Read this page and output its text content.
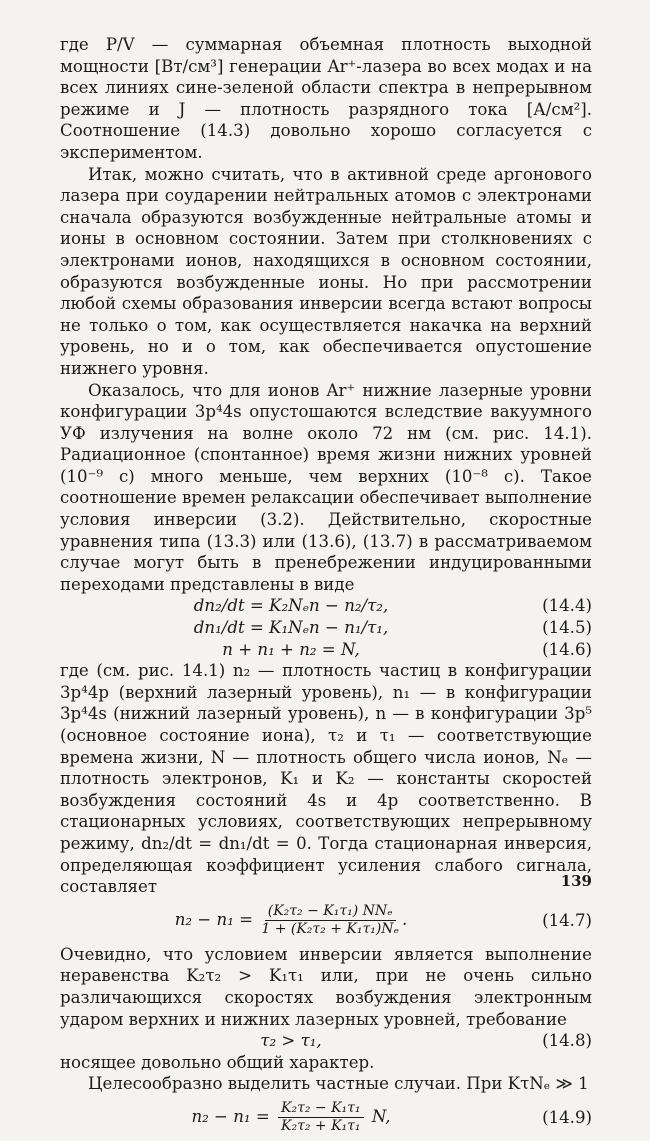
где P/V — суммарная объемная плотность выходной мощности [Вт/см³] генерации Ar⁺-лазера во всех модах и на всех линиях сине-зеленой области спектра в непрерывном режиме и J — плотность разрядного тока [А/см²]. Соотношение (14.3) довольно хорошо согласуется с экспериментом.

Итак, можно считать, что в активной среде аргонового лазера при соударении нейтральных атомов с электронами сначала образуются возбужденные нейтральные атомы и ионы в основном состоянии. Затем при столкновениях с электронами ионов, находящихся в основном состоянии, образуются возбужденные ионы. Но при рассмотрении любой схемы образования инверсии всегда встают вопросы не только о том, как осуществляется накачка на верхний уровень, но и о том, как обеспечивается опустошение нижнего уровня.

Оказалось, что для ионов Ar⁺ нижние лазерные уровни конфигурации 3p⁴4s опустошаются вследствие вакуумного УФ излучения на волне около 72 нм (см. рис. 14.1). Радиационное (спонтанное) время жизни нижних уровней (10⁻⁹ с) много меньше, чем верхних (10⁻⁸ с). Такое соотношение времен релаксации обеспечивает выполнение условия инверсии (3.2). Действительно, скоростные уравнения типа (13.3) или (13.6), (13.7) в рассматриваемом случае могут быть в пренебрежении индуцированными переходами представлены в виде

dn₂/dt = K₂Nₑn − n₂/τ₂,	(14.4)
dn₁/dt = K₁Nₑn − n₁/τ₁,	(14.5)
n + n₁ + n₂ = N,	(14.6)

где (см. рис. 14.1) n₂ — плотность частиц в конфигурации 3p⁴4p (верхний лазерный уровень), n₁ — в конфигурации 3p⁴4s (нижний лазерный уровень), n — в конфигурации 3p⁵ (основное состояние иона), τ₂ и τ₁ — соответствующие времена жизни, N — плотность общего числа ионов, Nₑ — плотность электронов, K₁ и K₂ — константы скоростей возбуждения состояний 4s и 4p соответственно. В стационарных условиях, соответствующих непрерывному режиму, dn₂/dt = dn₁/dt = 0. Тогда стационарная инверсия, определяющая коэффициент усиления слабого сигнала, составляет

$n_2 - n_1 = \frac{\text{(K₂τ₂ − K₁τ₁) NNₑ}}{\text{1 + (K₂τ₂ + K₁τ₁)Nₑ}}$ .	(14.7)

Очевидно, что условием инверсии является выполнение неравенства K₂τ₂ > K₁τ₁ или, при не очень сильно различающихся скоростях возбуждения электронным ударом верхних и нижних лазерных уровней, требование

τ₂ > τ₁,	(14.8)

носящее довольно общий характер.

Целесообразно выделить частные случаи. При KτNₑ ≫ 1

$n_2 - n_1 = \frac{\text{K₂τ₂ − K₁τ₁}}{\text{K₂τ₂ + K₁τ₁}} N$,	(14.9)
139
